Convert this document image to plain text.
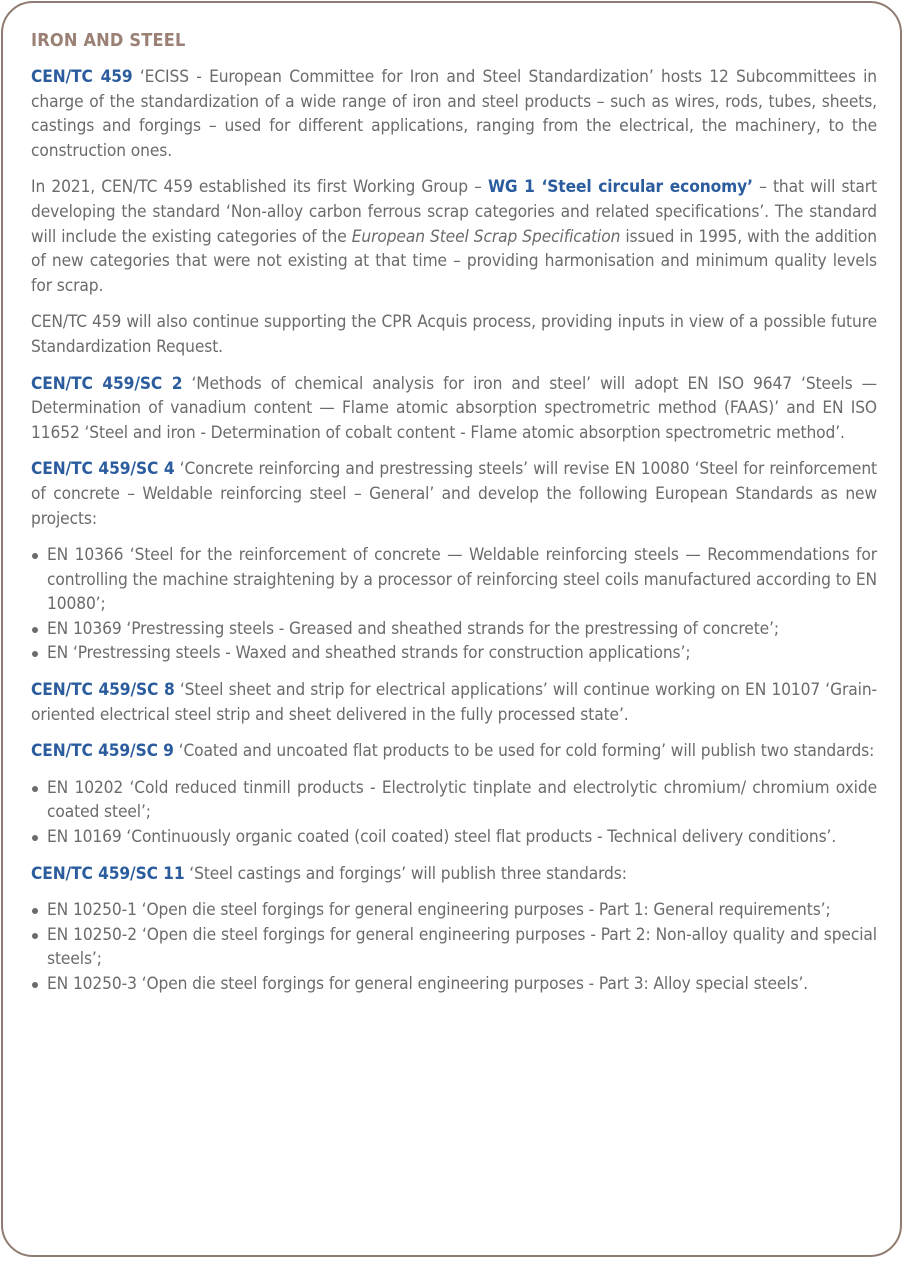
IRON AND STEEL

CEN/TC 459 ‘ECISS - European Committee for Iron and Steel Standardization’ hosts 12 Subcommittees in charge of the standardization of a wide range of iron and steel products – such as wires, rods, tubes, sheets, castings and forgings – used for different applications, ranging from the electrical, the machinery, to the construction ones.

In 2021, CEN/TC 459 established its first Working Group – WG 1 ‘Steel circular economy’ – that will start developing the standard ‘Non-alloy carbon ferrous scrap categories and related specifications’. The standard will include the existing categories of the European Steel Scrap Specification issued in 1995, with the addition of new categories that were not existing at that time – providing harmonisation and minimum quality levels for scrap.

CEN/TC 459 will also continue supporting the CPR Acquis process, providing inputs in view of a possible future Standardization Request.

CEN/TC 459/SC 2 ‘Methods of chemical analysis for iron and steel’ will adopt EN ISO 9647 ‘Steels — Determination of vanadium content — Flame atomic absorption spectrometric method (FAAS)’ and EN ISO 11652 ‘Steel and iron - Determination of cobalt content - Flame atomic absorption spectrometric method’.

CEN/TC 459/SC 4 ‘Concrete reinforcing and prestressing steels’ will revise EN 10080 ‘Steel for reinforcement of concrete – Weldable reinforcing steel – General’ and develop the following European Standards as new projects:

EN 10366 ‘Steel for the reinforcement of concrete — Weldable reinforcing steels — Recommendations for controlling the machine straightening by a processor of reinforcing steel coils manufactured according to EN 10080’;
EN 10369 ‘Prestressing steels - Greased and sheathed strands for the prestressing of concrete’;
EN ‘Prestressing steels - Waxed and sheathed strands for construction applications’;

CEN/TC 459/SC 8 ‘Steel sheet and strip for electrical applications’ will continue working on EN 10107 ‘Grain-oriented electrical steel strip and sheet delivered in the fully processed state’.

CEN/TC 459/SC 9 ‘Coated and uncoated flat products to be used for cold forming’ will publish two standards:

EN 10202 ‘Cold reduced tinmill products - Electrolytic tinplate and electrolytic chromium/ chromium oxide coated steel’;
EN 10169 ‘Continuously organic coated (coil coated) steel flat products - Technical delivery conditions’.

CEN/TC 459/SC 11 ‘Steel castings and forgings’ will publish three standards:

EN 10250-1 ‘Open die steel forgings for general engineering purposes - Part 1: General requirements’;
EN 10250-2 ‘Open die steel forgings for general engineering purposes - Part 2: Non-alloy quality and special steels’;
EN 10250-3 ‘Open die steel forgings for general engineering purposes - Part 3: Alloy special steels’.
